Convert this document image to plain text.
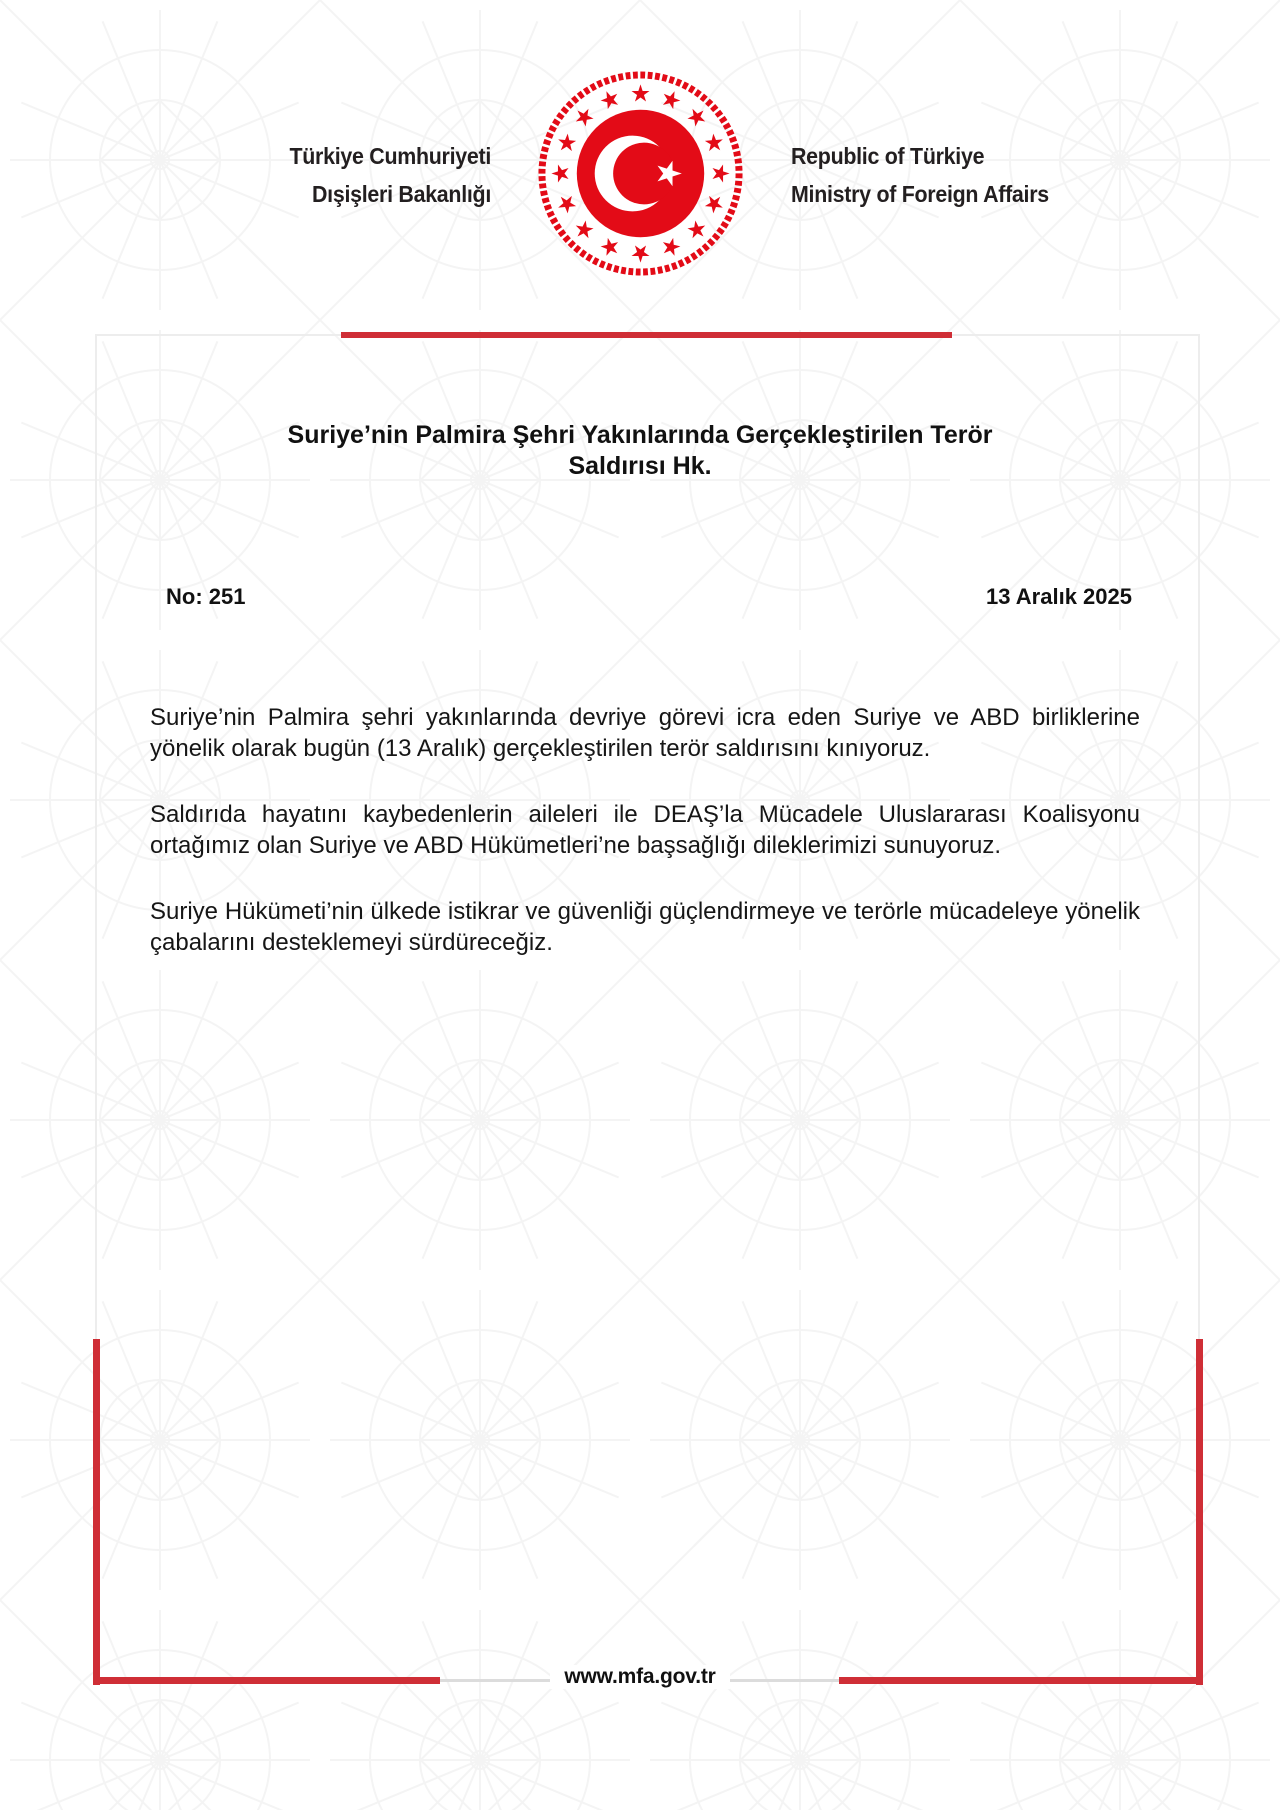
Türkiye Cumhuriyeti
Dışişleri Bakanlığı
Republic of Türkiye
Ministry of Foreign Affairs
Suriye’nin Palmira Şehri Yakınlarında Gerçekleştirilen Terör
Saldırısı Hk.
No: 251	13 Aralık 2025

Suriye’nin Palmira şehri yakınlarında devriye görevi icra eden Suriye ve ABD birliklerine yönelik olarak bugün (13 Aralık) gerçekleştirilen terör saldırısını kınıyoruz.

Saldırıda hayatını kaybedenlerin aileleri ile DEAŞ’la Mücadele Uluslararası Koalisyonu ortağımız olan Suriye ve ABD Hükümetleri’ne başsağlığı dileklerimizi sunuyoruz.

Suriye Hükümeti’nin ülkede istikrar ve güvenliği güçlendirmeye ve terörle mücadeleye yönelik çabalarını desteklemeyi sürdüreceğiz.

www.mfa.gov.tr
